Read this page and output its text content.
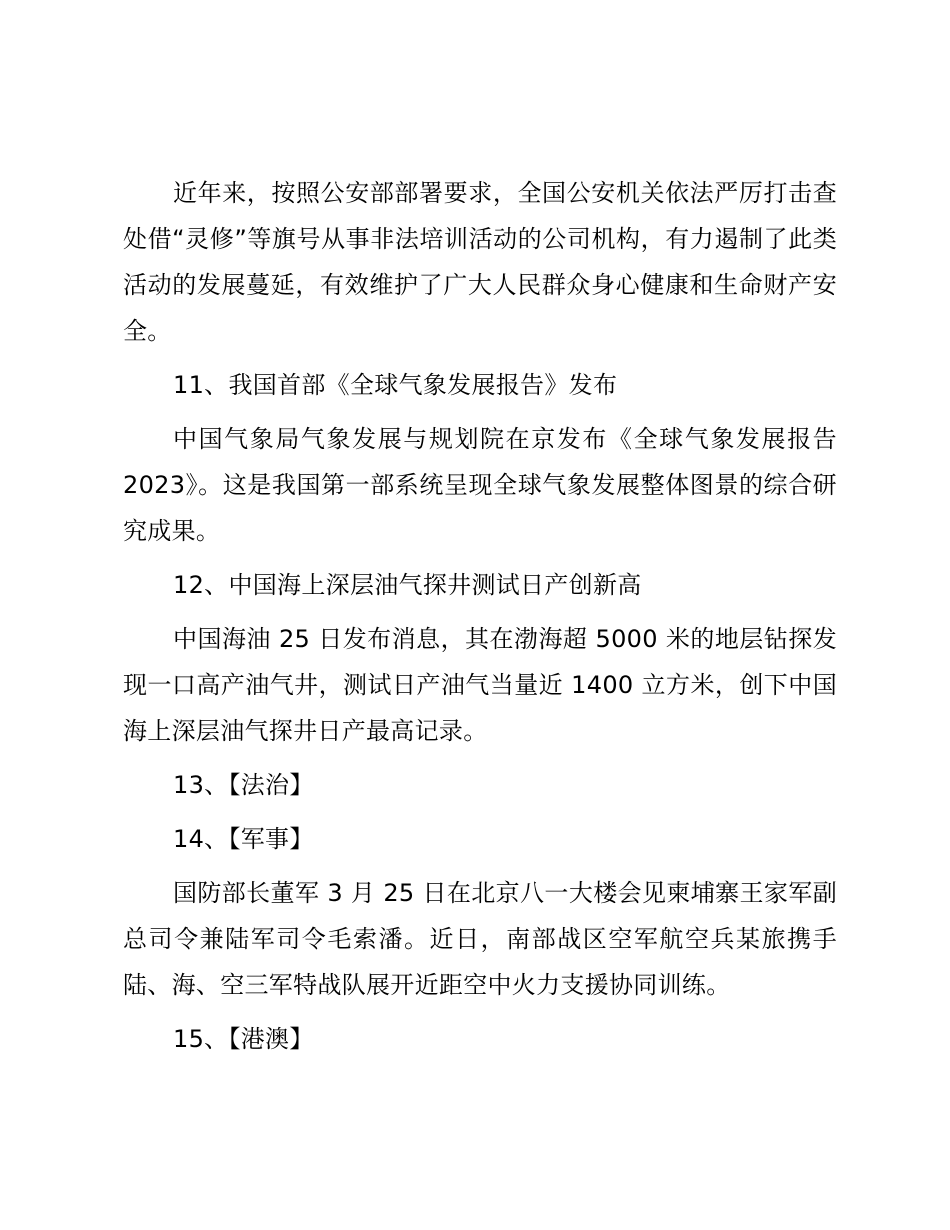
近年来，按照公安部部署要求，全国公安机关依法严厉打击查处借“灵修”等旗号从事非法培训活动的公司机构，有力遏制了此类活动的发展蔓延，有效维护了广大人民群众身心健康和生命财产安全。

11、我国首部《全球气象发展报告》发布

中国气象局气象发展与规划院在京发布《全球气象发展报告2023》。这是我国第一部系统呈现全球气象发展整体图景的综合研究成果。

12、中国海上深层油气探井测试日产创新高

中国海油 25 日发布消息，其在渤海超 5000 米的地层钻探发现一口高产油气井，测试日产油气当量近 1400 立方米，创下中国海上深层油气探井日产最高记录。

13、【法治】

14、【军事】

国防部长董军 3 月 25 日在北京八一大楼会见柬埔寨王家军副总司令兼陆军司令毛索潘。近日，南部战区空军航空兵某旅携手陆、海、空三军特战队展开近距空中火力支援协同训练。

15、【港澳】
